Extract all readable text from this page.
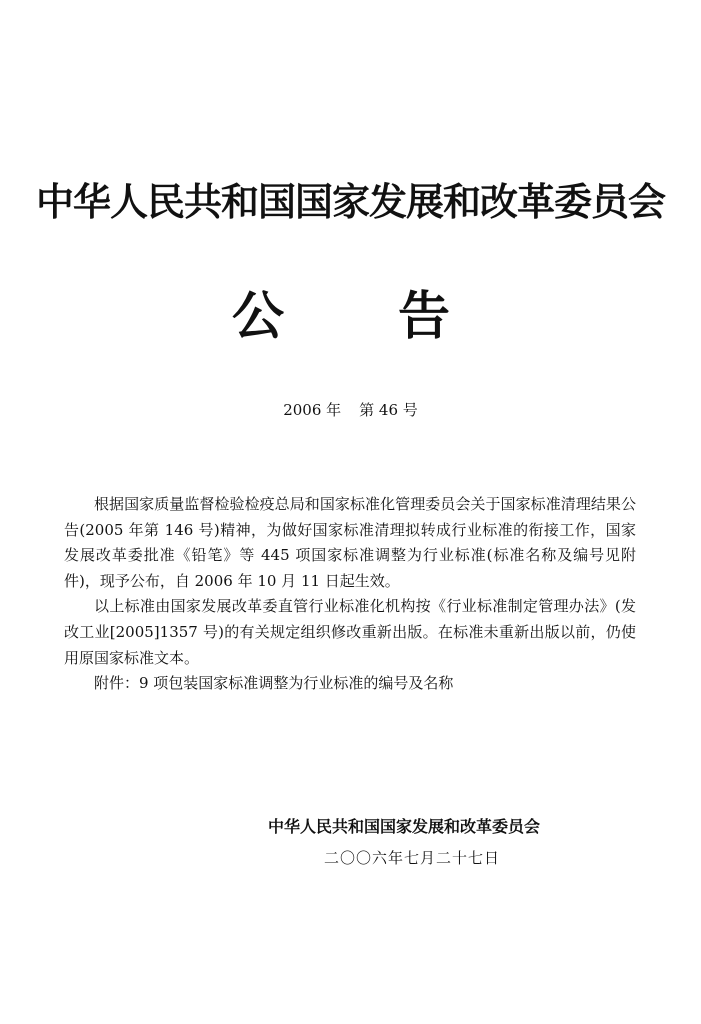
中华人民共和国国家发展和改革委员会
公 告
2006 年 第 46 号

根据国家质量监督检验检疫总局和国家标准化管理委员会关于国家标准清理结果公告(2005 年第 146 号)精神，为做好国家标准清理拟转成行业标准的衔接工作，国家发展改革委批准《铅笔》等 445 项国家标准调整为行业标准(标准名称及编号见附件)，现予公布，自 2006 年 10 月 11 日起生效。

以上标准由国家发展改革委直管行业标准化机构按《行业标准制定管理办法》(发改工业[2005]1357 号)的有关规定组织修改重新出版。在标准未重新出版以前，仍使用原国家标准文本。

附件：9 项包装国家标准调整为行业标准的编号及名称

中华人民共和国国家发展和改革委员会
二〇〇六年七月二十七日
